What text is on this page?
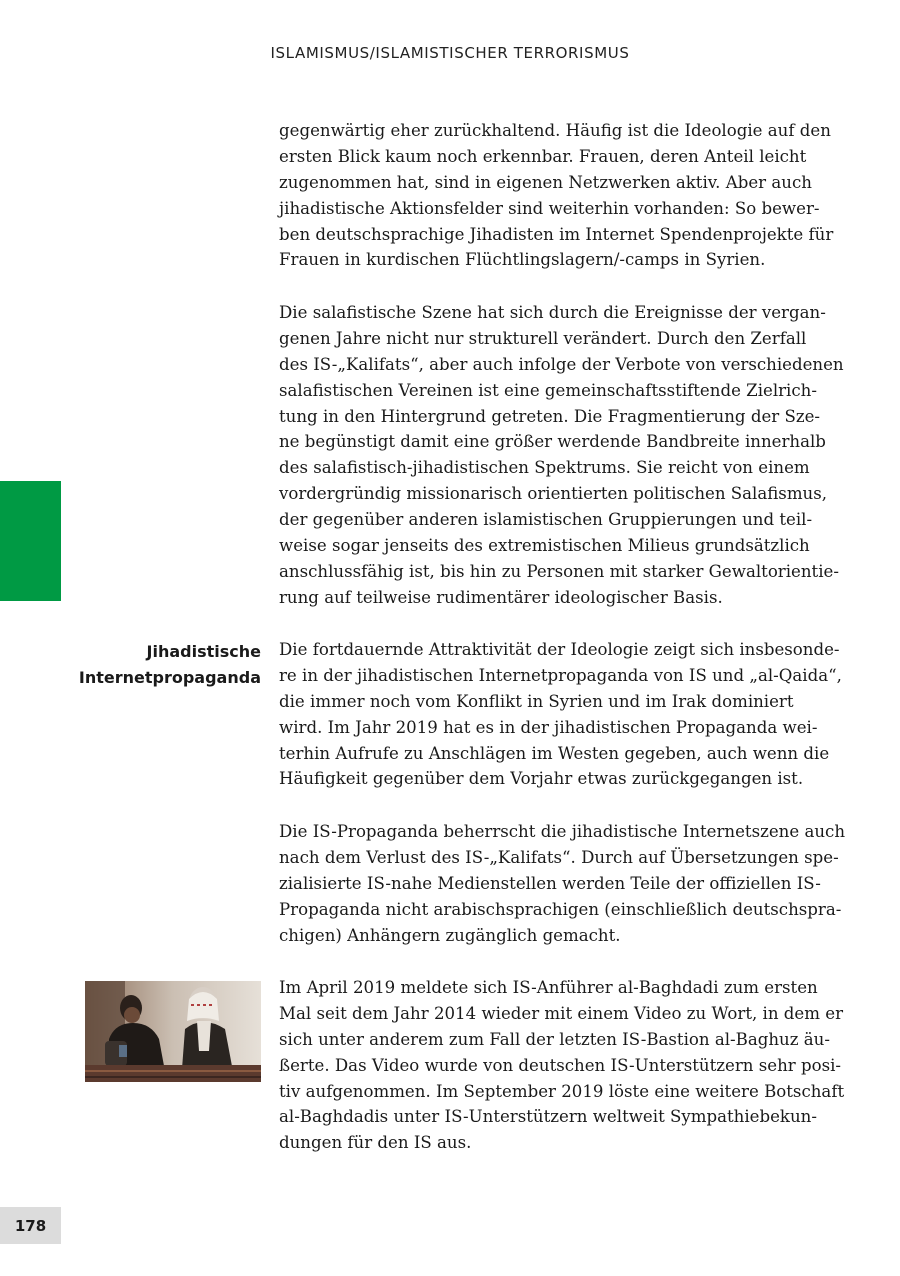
ISLAMISMUS/ISLAMISTISCHER TERRORISMUS

gegenwärtig eher zurückhaltend. Häufig ist die Ideologie auf den
ersten Blick kaum noch erkennbar. Frauen, deren Anteil leicht
zugenommen hat, sind in eigenen Netzwerken aktiv. Aber auch
jihadistische Aktionsfelder sind weiterhin vorhanden: So bewer-
ben deutschsprachige Jihadisten im Internet Spendenprojekte für
Frauen in kurdischen Flüchtlingslagern/-camps in Syrien.

Die salafistische Szene hat sich durch die Ereignisse der vergan-
genen Jahre nicht nur strukturell verändert. Durch den Zerfall
des IS-„Kalifats“, aber auch infolge der Verbote von verschiedenen
salafistischen Vereinen ist eine gemeinschaftsstiftende Zielrich-
tung in den Hintergrund getreten. Die Fragmentierung der Sze-
ne begünstigt damit eine größer werdende Bandbreite innerhalb
des salafistisch-jihadistischen Spektrums. Sie reicht von einem
vordergründig missionarisch orientierten politischen Salafismus,
der gegenüber anderen islamistischen Gruppierungen und teil-
weise sogar jenseits des extremistischen Milieus grundsätzlich
anschlussfähig ist, bis hin zu Personen mit starker Gewaltorientie-
rung auf teilweise rudimentärer ideologischer Basis.

Jihadistische
Internetpropaganda

Die fortdauernde Attraktivität der Ideologie zeigt sich insbesonde-
re in der jihadistischen Internetpropaganda von IS und „al-Qaida“,
die immer noch vom Konflikt in Syrien und im Irak dominiert
wird. Im Jahr 2019 hat es in der jihadistischen Propaganda wei-
terhin Aufrufe zu Anschlägen im Westen gegeben, auch wenn die
Häufigkeit gegenüber dem Vorjahr etwas zurückgegangen ist.

Die IS-Propaganda beherrscht die jihadistische Internetszene auch
nach dem Verlust des IS-„Kalifats“. Durch auf Übersetzungen spe-
zialisierte IS-nahe Medienstellen werden Teile der offiziellen IS-
Propaganda nicht arabischsprachigen (einschließlich deutschspra-
chigen) Anhängern zugänglich gemacht.

Im April 2019 meldete sich IS-Anführer al-Baghdadi zum ersten
Mal seit dem Jahr 2014 wieder mit einem Video zu Wort, in dem er
sich unter anderem zum Fall der letzten IS-Bastion al-Baghuz äu-
ßerte. Das Video wurde von deutschen IS-Unterstützern sehr posi-
tiv aufgenommen. Im September 2019 löste eine weitere Botschaft
al-Baghdadis unter IS-Unterstützern weltweit Sympathiebekun-
dungen für den IS aus.

178
